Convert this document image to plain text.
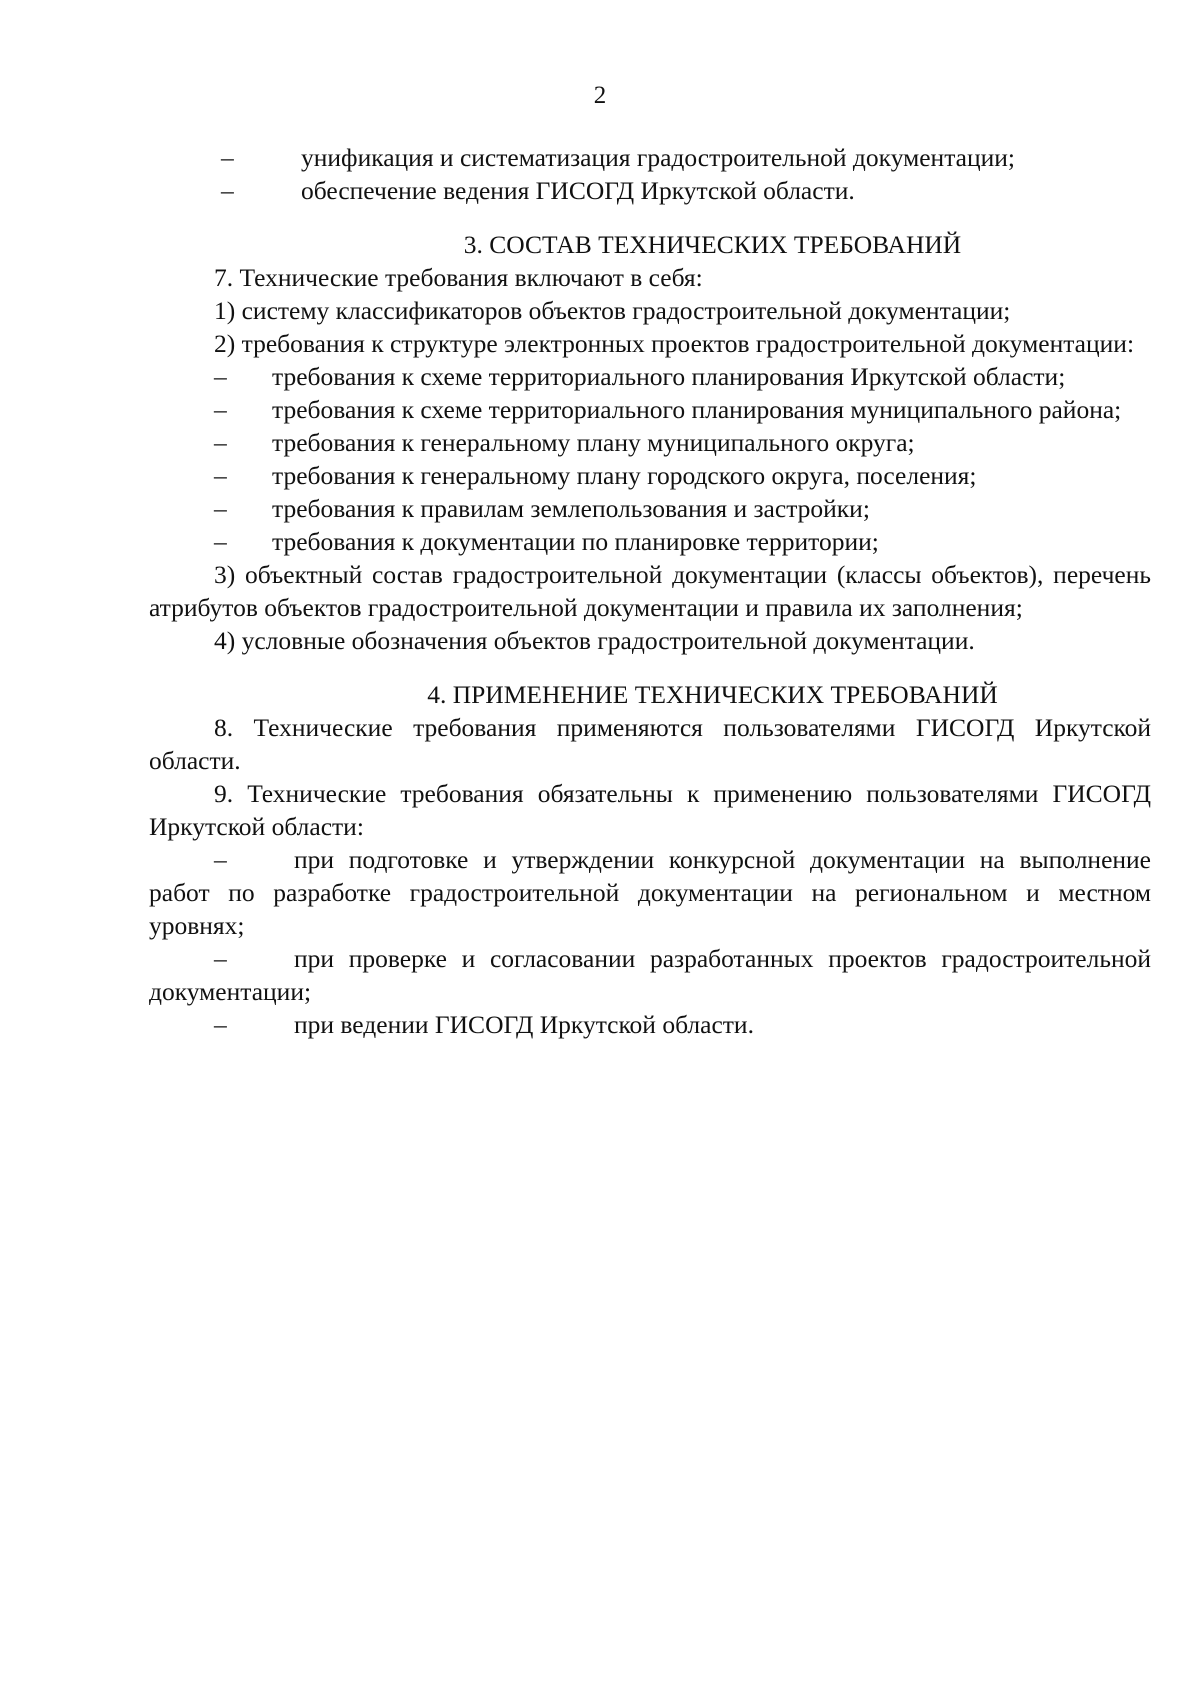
2

–	унификация и систематизация градостроительной документации;

–	обеспечение ведения ГИСОГД Иркутской области.

3. СОСТАВ ТЕХНИЧЕСКИХ ТРЕБОВАНИЙ

7. Технические требования включают в себя:

1) систему классификаторов объектов градостроительной документации;

2) требования к структуре электронных проектов градостроительной документации:

– требования к схеме территориального планирования Иркутской области;

– требования к схеме территориального планирования муниципального района;

– требования к генеральному плану муниципального округа;

– требования к генеральному плану городского округа, поселения;

– требования к правилам землепользования и застройки;

– требования к документации по планировке территории;

3) объектный состав градостроительной документации (классы объектов), перечень атрибутов объектов градостроительной документации и правила их заполнения;

4) условные обозначения объектов градостроительной документации.

4. ПРИМЕНЕНИЕ ТЕХНИЧЕСКИХ ТРЕБОВАНИЙ

8. Технические требования применяются пользователями ГИСОГД Иркутской области.

9. Технические требования обязательны к применению пользователями ГИСОГД Иркутской области:

–	при подготовке и утверждении конкурсной документации на выполнение работ по разработке градостроительной документации на региональном и местном уровнях;

–	при проверке и согласовании разработанных проектов градостроительной документации;

–	при ведении ГИСОГД Иркутской области.
